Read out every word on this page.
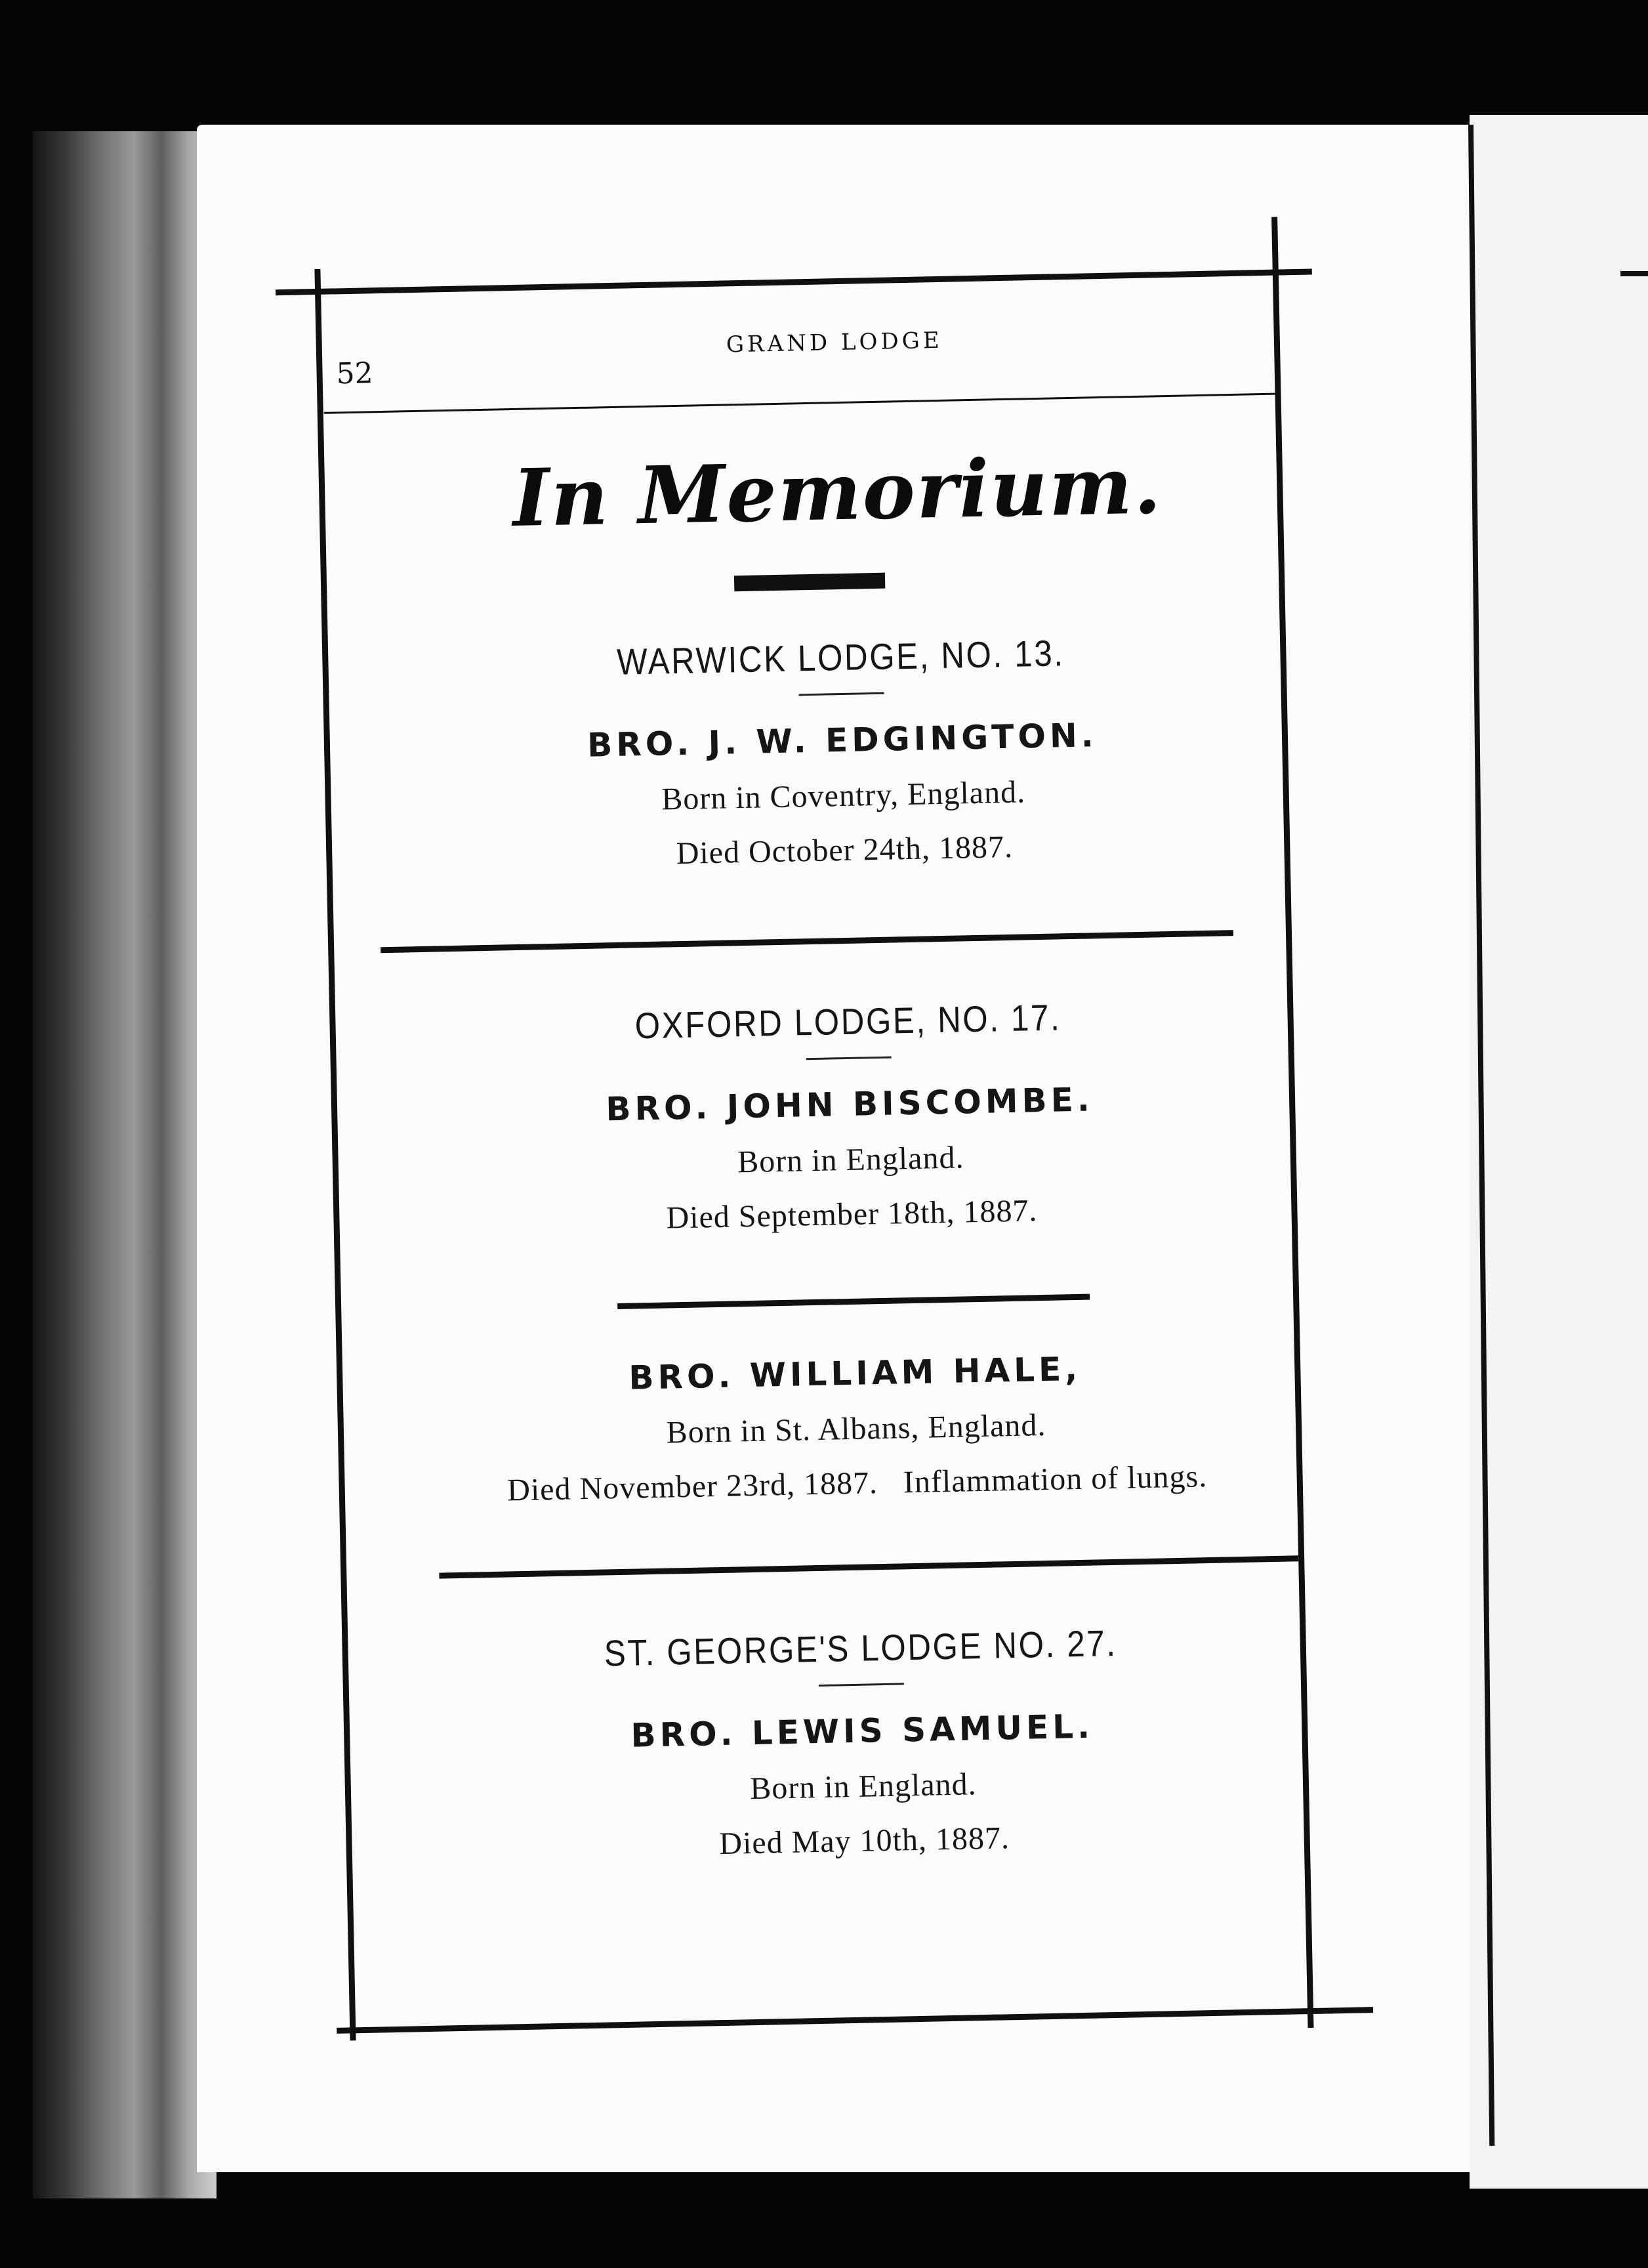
52
GRAND LODGE
In Memorium.
WARWICK LODGE, NO. 13.
BRO. J. W. EDGINGTON.
Born in Coventry, England.
Died October 24th, 1887.
OXFORD LODGE, NO. 17.
BRO. JOHN BISCOMBE.
Born in England.
Died September 18th, 1887.
BRO. WILLIAM HALE,
Born in St. Albans, England.
Died November 23rd, 1887.   Inflammation of lungs.
ST. GEORGE'S LODGE NO. 27.
BRO. LEWIS SAMUEL.
Born in England.
Died May 10th, 1887.
